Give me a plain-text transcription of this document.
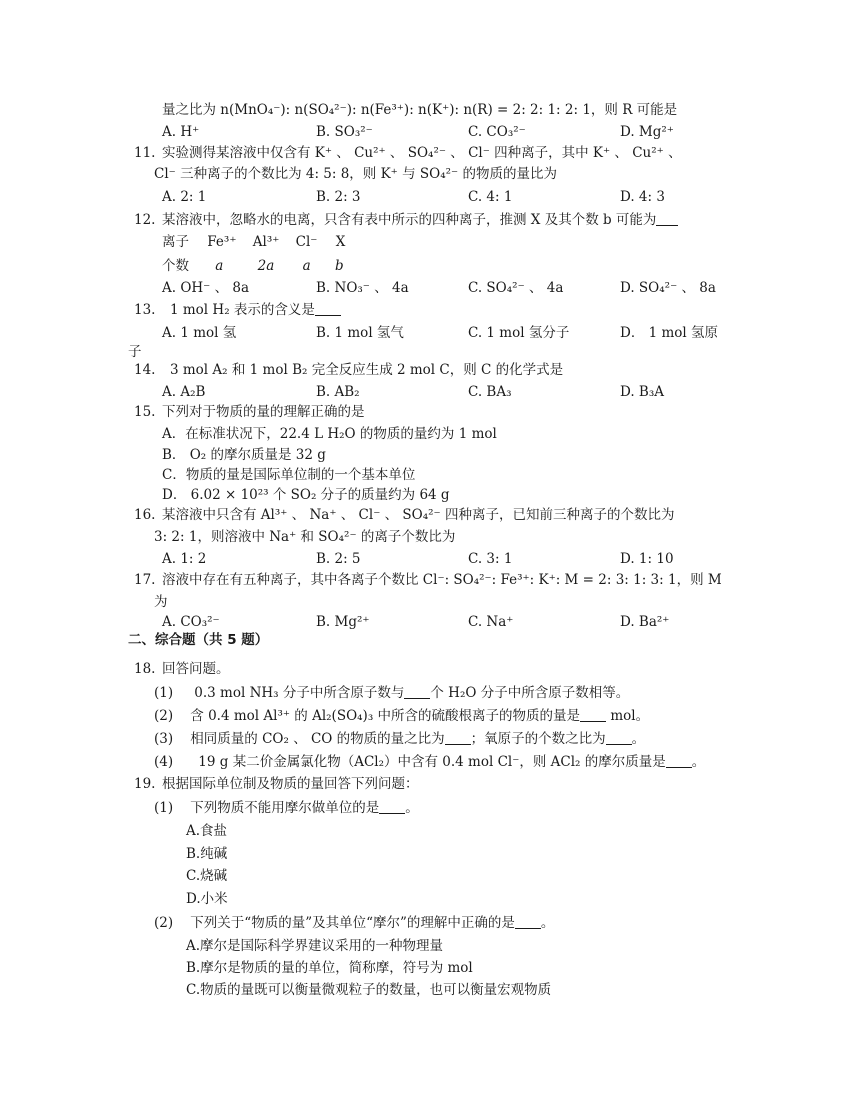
量之比为 n(MnO₄⁻): n(SO₄²⁻): n(Fe³⁺): n(K⁺): n(R) = 2: 2: 1: 2: 1，则 R 可能是
A. H⁺	B. SO₃²⁻	C. CO₃²⁻	D. Mg²⁺
11. 实验测得某溶液中仅含有 K⁺ 、 Cu²⁺ 、 SO₄²⁻ 、 Cl⁻ 四种离子，其中 K⁺ 、 Cu²⁺ 、
Cl⁻ 三种离子的个数比为 4: 5: 8，则 K⁺ 与 SO₄²⁻ 的物质的量比为
A. 2: 1	B. 2: 3	C. 4: 1	D. 4: 3
12. 某溶液中，忽略水的电离，只含有表中所示的四种离子，推测 X 及其个数 b 可能为
离子 Fe³⁺ Al³⁺ Cl⁻ X
个数 a	2a a b
A. OH⁻ 、 8a	B. NO₃⁻ 、 4a	C. SO₄²⁻ 、 4a	D. SO₄²⁻ 、 8a
13. 1 mol H₂ 表示的含义是
A. 1 mol 氢	B. 1 mol 氢气	C. 1 mol 氢分子	D． 1 mol 氢原
子
14. 3 mol A₂ 和 1 mol B₂ 完全反应生成 2 mol C，则 C 的化学式是
A. A₂B	B. AB₂	C. BA₃	D. B₃A
15. 下列对于物质的量的理解正确的是
A．在标准状况下，22.4 L H₂O 的物质的量约为 1 mol
B． O₂ 的摩尔质量是 32 g
C．物质的量是国际单位制的一个基本单位
D． 6.02 × 10²³ 个 SO₂ 分子的质量约为 64 g
16. 某溶液中只含有 Al³⁺ 、 Na⁺ 、 Cl⁻ 、 SO₄²⁻ 四种离子，已知前三种离子的个数比为
3: 2: 1，则溶液中 Na⁺ 和 SO₄²⁻ 的离子个数比为
A. 1: 2	B. 2: 5	C. 3: 1	D. 1: 10
17. 溶液中存在有五种离子，其中各离子个数比 Cl⁻: SO₄²⁻: Fe³⁺: K⁺: M = 2: 3: 1: 3: 1，则 M
为
A. CO₃²⁻	B. Mg²⁺	C. Na⁺	D. Ba²⁺
二、综合题（共 5 题）
18. 回答问题。
(1) 0.3 mol NH₃ 分子中所含原子数与 个 H₂O 分子中所含原子数相等。
(2) 含 0.4 mol Al³⁺ 的 Al₂(SO₄)₃ 中所含的硫酸根离子的物质的量是 mol。
(3) 相同质量的 CO₂ 、 CO 的物质的量之比为 ；氧原子的个数之比为 。
(4) 19 g 某二价金属氯化物（ACl₂）中含有 0.4 mol Cl⁻，则 ACl₂ 的摩尔质量是 。
19. 根据国际单位制及物质的量回答下列问题：
(1) 下列物质不能用摩尔做单位的是 。
A.食盐
B.纯碱
C.烧碱
D.小米
(2) 下列关于“物质的量”及其单位“摩尔”的理解中正确的是 。
A.摩尔是国际科学界建议采用的一种物理量
B.摩尔是物质的量的单位，简称摩，符号为 mol
C.物质的量既可以衡量微观粒子的数量，也可以衡量宏观物质
